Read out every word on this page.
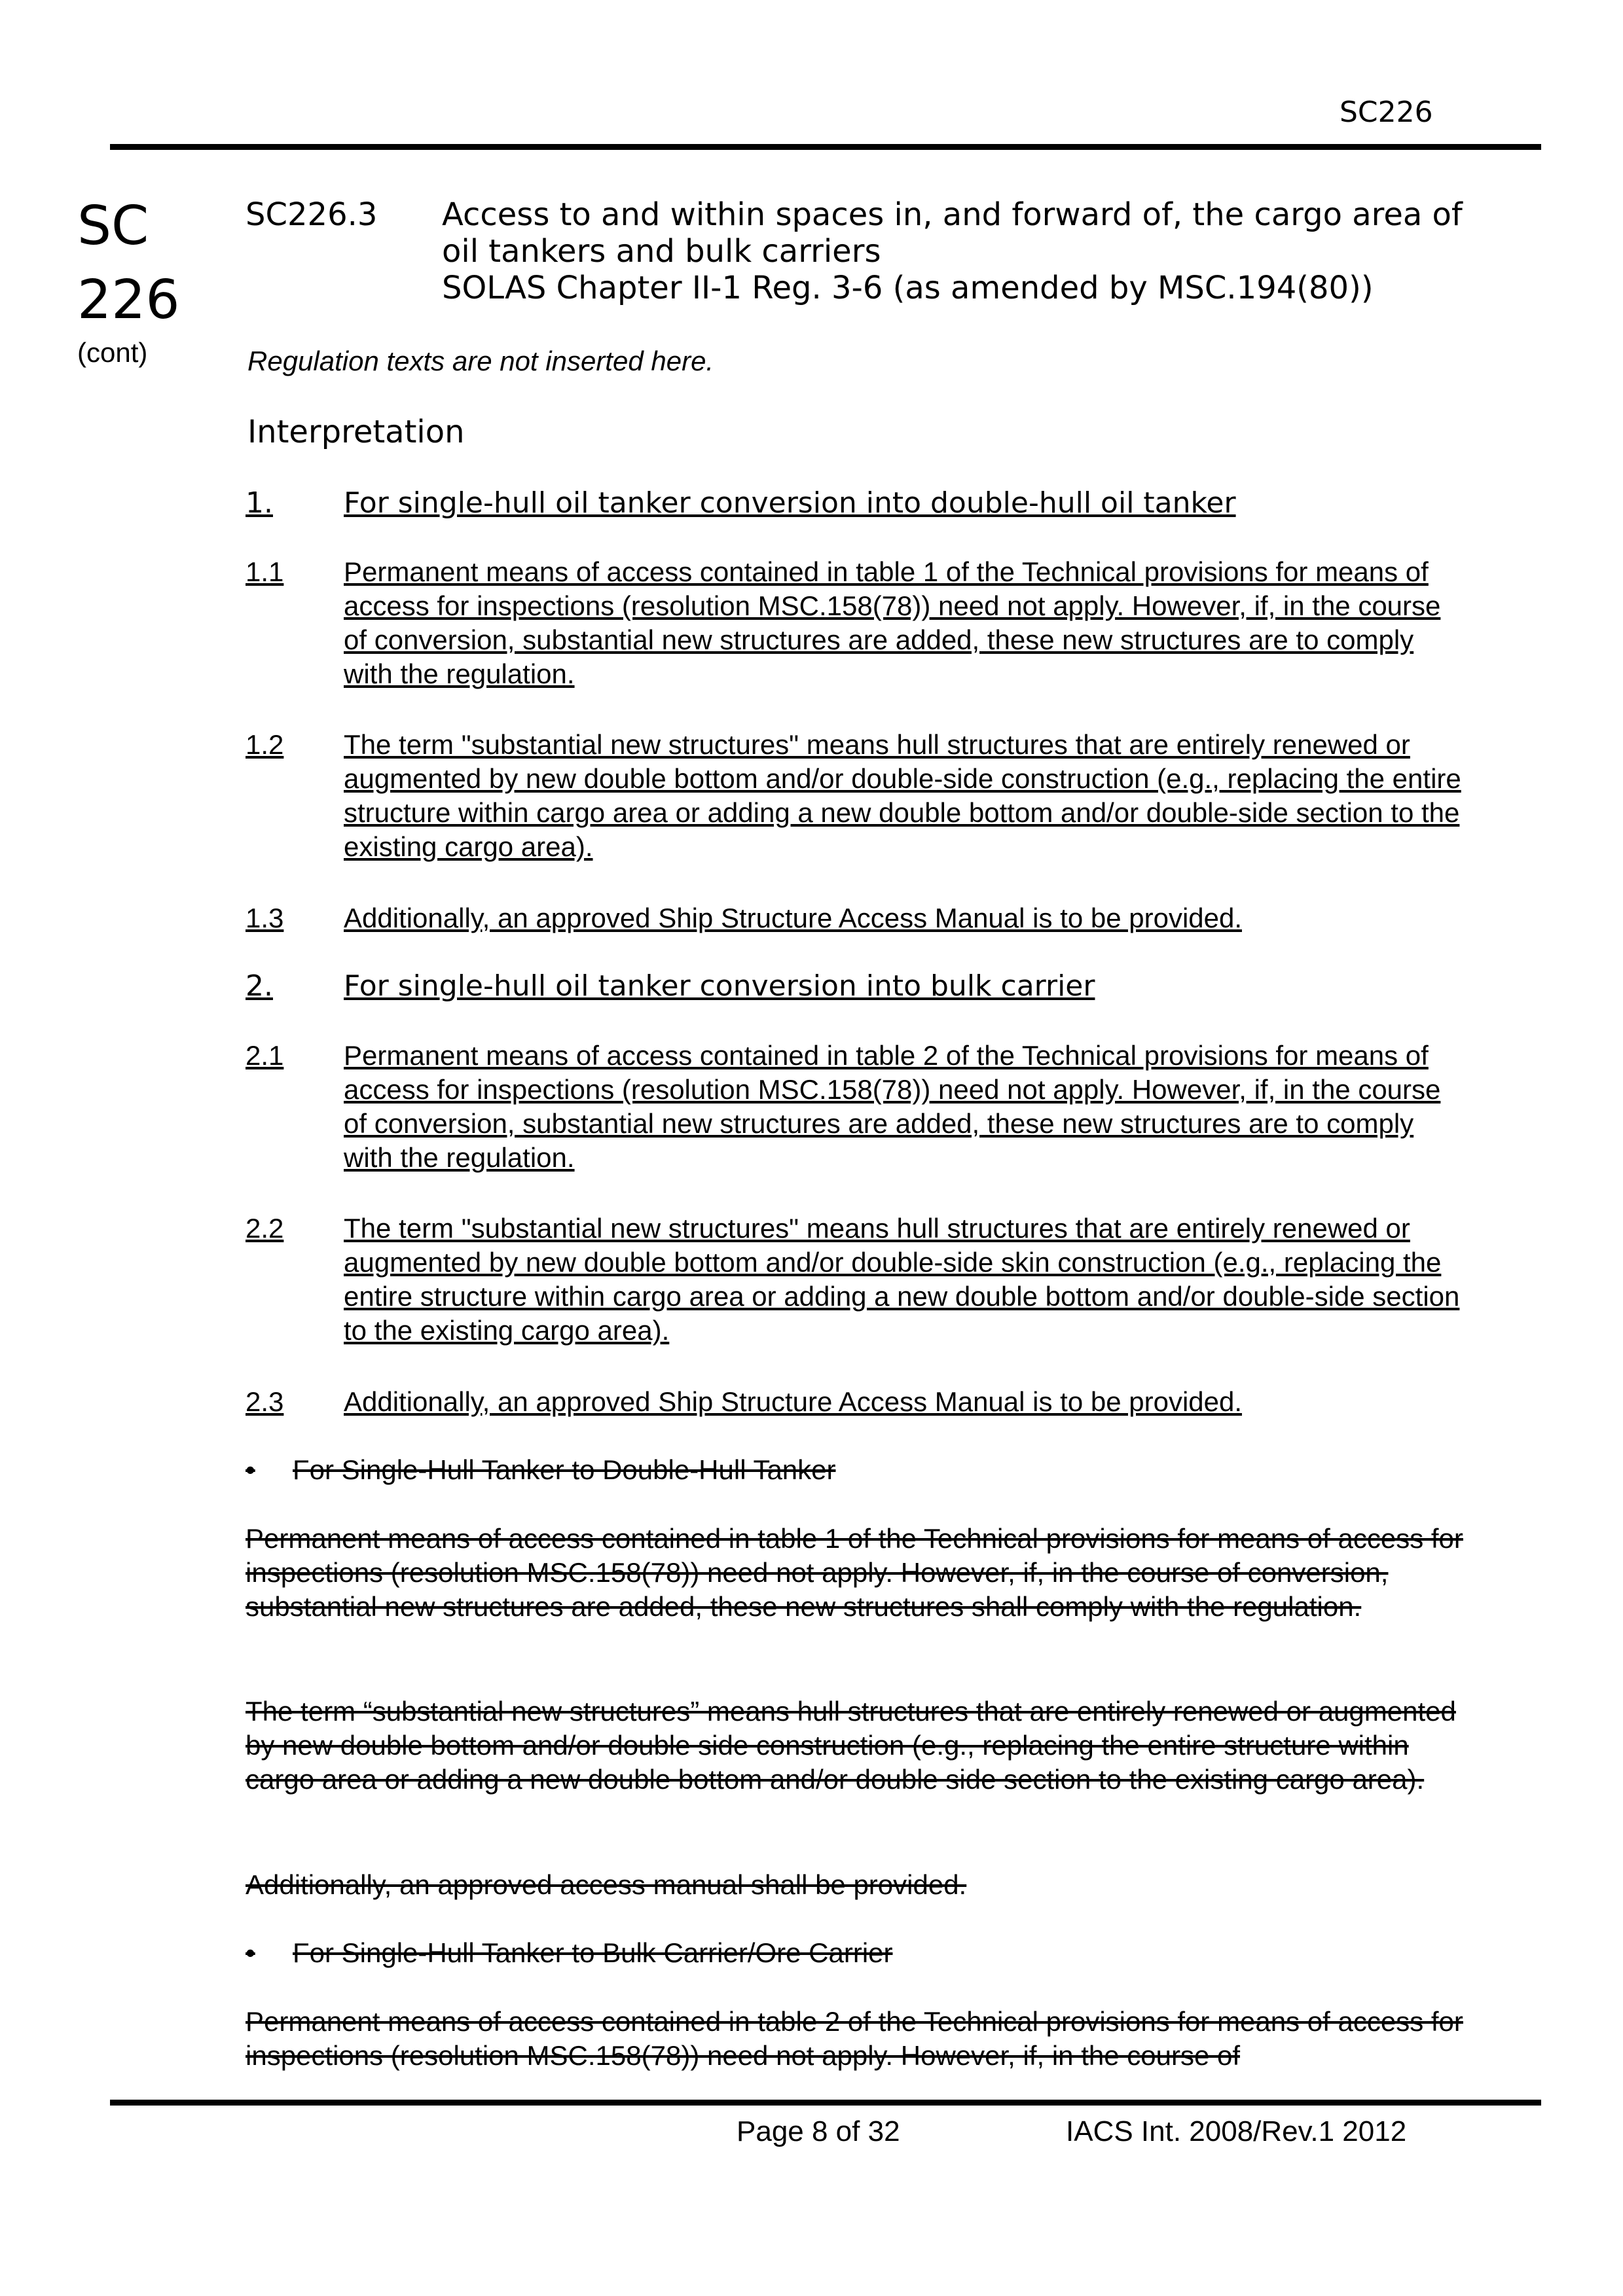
SC226
SC
226
(cont)
SC226.3 Access to and within spaces in, and forward of, the cargo area of oil tankers and bulk carriers
SOLAS Chapter II-1 Reg. 3-6 (as amended by MSC.194(80))
Regulation texts are not inserted here.
Interpretation
1.	For single-hull oil tanker conversion into double-hull oil tanker
1.1	Permanent means of access contained in table 1 of the Technical provisions for means of access for inspections (resolution MSC.158(78)) need not apply. However, if, in the course of conversion, substantial new structures are added, these new structures are to comply with the regulation.
1.2	The term "substantial new structures" means hull structures that are entirely renewed or augmented by new double bottom and/or double-side construction (e.g., replacing the entire structure within cargo area or adding a new double bottom and/or double-side section to the existing cargo area).
1.3	Additionally, an approved Ship Structure Access Manual is to be provided.
2.	For single-hull oil tanker conversion into bulk carrier
2.1	Permanent means of access contained in table 2 of the Technical provisions for means of access for inspections (resolution MSC.158(78)) need not apply. However, if, in the course of conversion, substantial new structures are added, these new structures are to comply with the regulation.
2.2	The term "substantial new structures" means hull structures that are entirely renewed or augmented by new double bottom and/or double-side skin construction (e.g., replacing the entire structure within cargo area or adding a new double bottom and/or double-side section to the existing cargo area).
2.3	Additionally, an approved Ship Structure Access Manual is to be provided.
• For Single-Hull Tanker to Double-Hull Tanker
Permanent means of access contained in table 1 of the Technical provisions for means of access for inspections (resolution MSC.158(78)) need not apply. However, if, in the course of conversion, substantial new structures are added, these new structures shall comply with the regulation.
The term “substantial new structures” means hull structures that are entirely renewed or augmented by new double bottom and/or double side construction (e.g., replacing the entire structure within cargo area or adding a new double bottom and/or double side section to the existing cargo area).
Additionally, an approved access manual shall be provided.
• For Single-Hull Tanker to Bulk Carrier/Ore Carrier
Permanent means of access contained in table 2 of the Technical provisions for means of access for inspections (resolution MSC.158(78)) need not apply. However, if, in the course of
Page 8 of 32	IACS Int. 2008/Rev.1 2012
